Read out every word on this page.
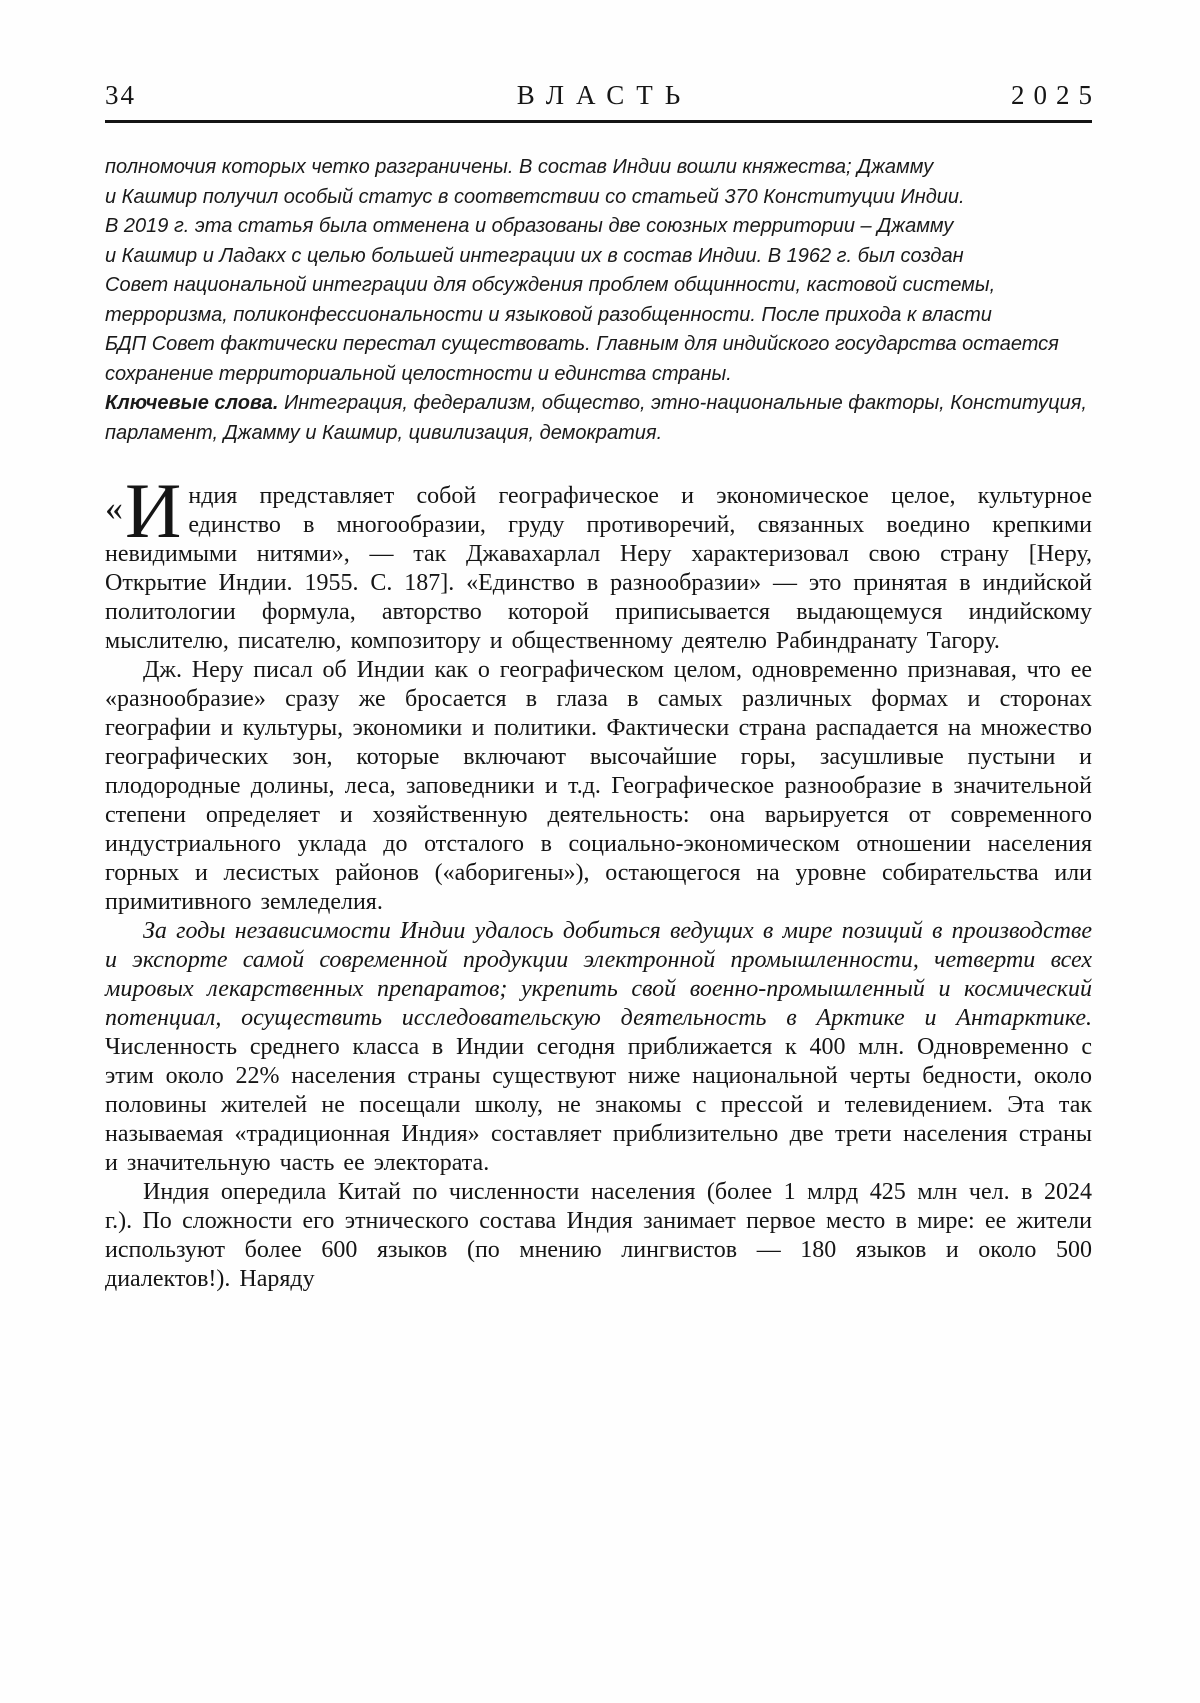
34	ВЛАСТЬ	2025
полномочия которых четко разграничены. В состав Индии вошли княжества; Джамму
и Кашмир получил особый статус в соответствии со статьей 370 Конституции Индии.
В 2019 г. эта статья была отменена и образованы две союзных территории – Джамму
и Кашмир и Ладакх с целью большей интеграции их в состав Индии. В 1962 г. был создан
Совет национальной интеграции для обсуждения проблем общинности, кастовой системы,
терроризма, поликонфессиональности и языковой разобщенности. После прихода к власти
БДП Совет фактически перестал существовать. Главным для индийского государства остается
сохранение территориальной целостности и единства страны.

Ключевые слова. Интеграция, федерализм, общество, этно-национальные факторы, Конституция, парламент, Джамму и Кашмир, цивилизация, демократия.

« И ндия представляет собой географическое и экономическое целое, культурное единство в многообразии, груду противоречий, связанных воедино крепкими невидимыми нитями», — так Джавахарлал Неру характеризовал свою страну [Неру, Открытие Индии. 1955. С. 187]. «Единство в разнообразии» — это принятая в индийской политологии формула, авторство которой приписывается выдающемуся индийскому мыслителю, писателю, композитору и общественному деятелю Рабиндранату Тагору.

Дж. Неру писал об Индии как о географическом целом, одновременно признавая, что ее «разнообразие» сразу же бросается в глаза в самых различных формах и сторонах географии и культуры, экономики и политики. Фактически страна распадается на множество географических зон, которые включают высочайшие горы, засушливые пустыни и плодородные долины, леса, заповедники и т.д. Географическое разнообразие в значительной степени определяет и хозяйственную деятельность: она варьируется от современного индустриального уклада до отсталого в социально-экономическом отношении населения горных и лесистых районов («аборигены»), остающегося на уровне собирательства или примитивного земледелия.

За годы независимости Индии удалось добиться ведущих в мире позиций в производстве и экспорте самой современной продукции электронной промышленности, четверти всех мировых лекарственных препаратов; укрепить свой военно-промышленный и космический потенциал, осуществить исследовательскую деятельность в Арктике и Антарктике. Численность среднего класса в Индии сегодня приближается к 400 млн. Одновременно с этим около 22% населения страны существуют ниже национальной черты бедности, около половины жителей не посещали школу, не знакомы с прессой и телевидением. Эта так называемая «традиционная Индия» составляет приблизительно две трети населения страны и значительную часть ее электората.

Индия опередила Китай по численности населения (более 1 млрд 425 млн чел. в 2024 г.). По сложности его этнического состава Индия занимает первое место в мире: ее жители используют более 600 языков (по мнению лингвистов — 180 языков и около 500 диалектов!). Наряду
